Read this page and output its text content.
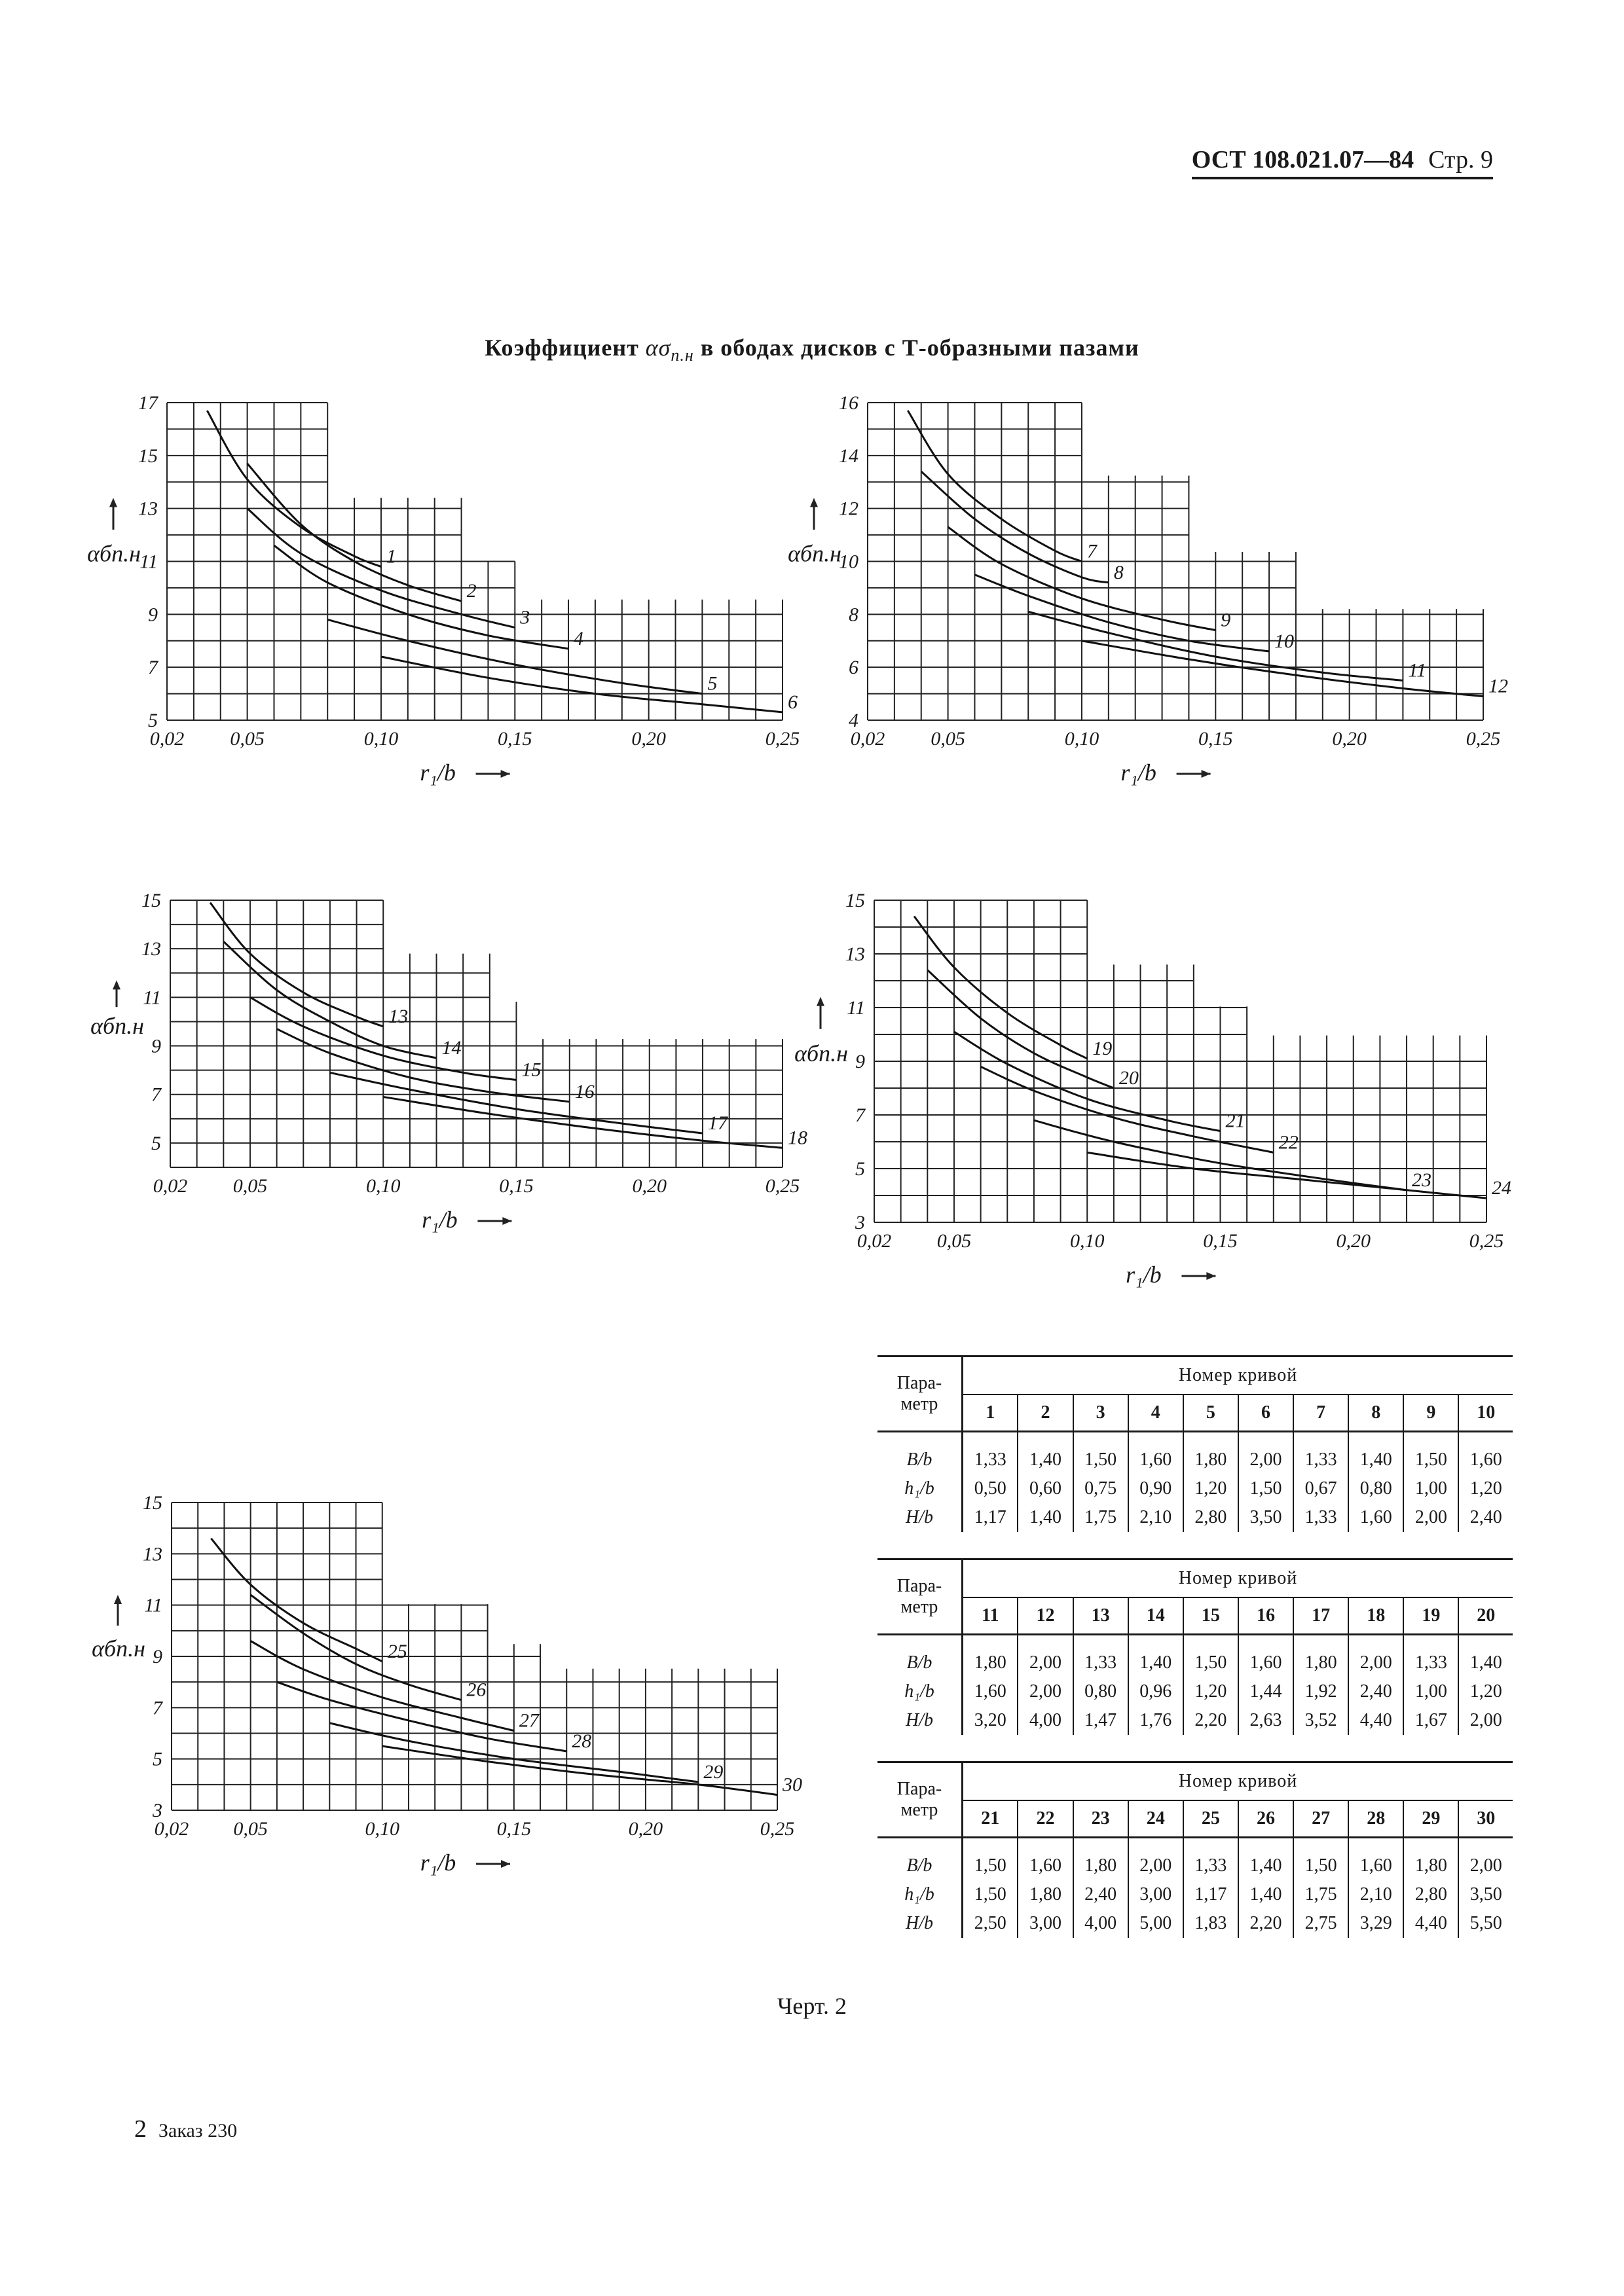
ОСТ 108.021.07—84 Стр. 9
Коэффициент $\alpha\sigma_{п.н}$ в ободах дисков с Т-образными пазами
5
7
9
11
13
15
17
0,02 0,05	0,10	0,15	0,20	0,25
r₁/b
αбп.н	1
2
3
4
5
6
4
6
8
10
12
14
16
0,02 0,05	0,10	0,15	0,20	0,25
r₁/b
αбп.н	7
8
9
10
11
12
5
7
9
11
13
15
0,02 0,05	0,10	0,15	0,20	0,25
r₁/b
αбп.н	13
14
15
16
17
18
3
5
7
9
11
13
15
0,02 0,05	0,10	0,15	0,20	0,25
r₁/b
αбп.н	19
20
21
22
23	24
3
5
7
9
11
13
15
0,02 0,05	0,10	0,15	0,20	0,25
r₁/b
αбп.н	25
26
27
28
29
30
Пара-
метр	Номер кривой									
	1	2	3	4	5	6	7	8	9	10

B/b	1,33	1,40	1,50	1,60	1,80	2,00	1,33	1,40	1,50	1,60
h₁/b	0,50	0,60	0,75	0,90	1,20	1,50	0,67	0,80	1,00	1,20
H/b	1,17	1,40	1,75	2,10	2,80	3,50	1,33	1,60	2,00	2,40
Пара-
метр	Номер кривой									
	11	12	13	14	15	16	17	18	19	20

B/b	1,80	2,00	1,33	1,40	1,50	1,60	1,80	2,00	1,33	1,40
h₁/b	1,60	2,00	0,80	0,96	1,20	1,44	1,92	2,40	1,00	1,20
H/b	3,20	4,00	1,47	1,76	2,20	2,63	3,52	4,40	1,67	2,00
Пара-
метр	Номер кривой									
	21	22	23	24	25	26	27	28	29	30

B/b	1,50	1,60	1,80	2,00	1,33	1,40	1,50	1,60	1,80	2,00
h₁/b	1,50	1,80	2,40	3,00	1,17	1,40	1,75	2,10	2,80	3,50
H/b	2,50	3,00	4,00	5,00	1,83	2,20	2,75	3,29	4,40	5,50
Черт. 2
2 Заказ 230
